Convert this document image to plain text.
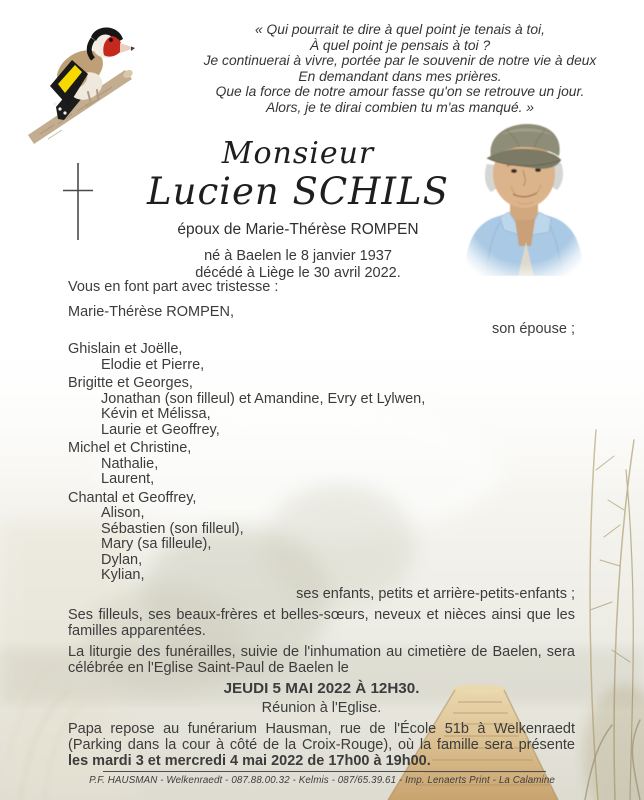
« Qui pourrait te dire à quel point je tenais à toi,
À quel point je pensais à toi ?
Je continuerai à vivre, portée par le souvenir de notre vie à deux
En demandant dans mes prières.
Que la force de notre amour fasse qu'on se retrouve un jour.
Alors, je te dirai combien tu m'as manqué. »
Monsieur
Lucien SCHILS
époux de Marie-Thérèse ROMPEN
né à Baelen le 8 janvier 1937
décédé à Liège le 30 avril 2022.
Vous en font part avec tristesse :
Marie-Thérèse ROMPEN,
son épouse ;
Ghislain et Joëlle,
Elodie et Pierre,
Brigitte et Georges,
Jonathan (son filleul) et Amandine, Evry et Lylwen,
Kévin et Mélissa,
Laurie et Geoffrey,
Michel et Christine,
Nathalie,
Laurent,
Chantal et Geoffrey,
Alison,
Sébastien (son filleul),
Mary (sa filleule),
Dylan,
Kylian,
ses enfants, petits et arrière-petits-enfants ;
Ses filleuls, ses beaux-frères et belles-sœurs, neveux et nièces ainsi que les familles apparentées.
La liturgie des funérailles, suivie de l'inhumation au cimetière de Baelen, sera célébrée en l'Eglise Saint-Paul de Baelen le
JEUDI 5 MAI 2022 À 12H30.
Réunion à l'Eglise.
Papa repose au funérarium Hausman, rue de l'École 51b à Welkenraedt (Parking dans la cour à côté de la Croix-Rouge), où la famille sera présente les mardi 3 et mercredi 4 mai 2022 de 17h00 à 19h00.
P.F. HAUSMAN - Welkenraedt - 087.88.00.32 - Kelmis - 087/65.39.61 - Imp. Lenaerts Print - La Calamine
